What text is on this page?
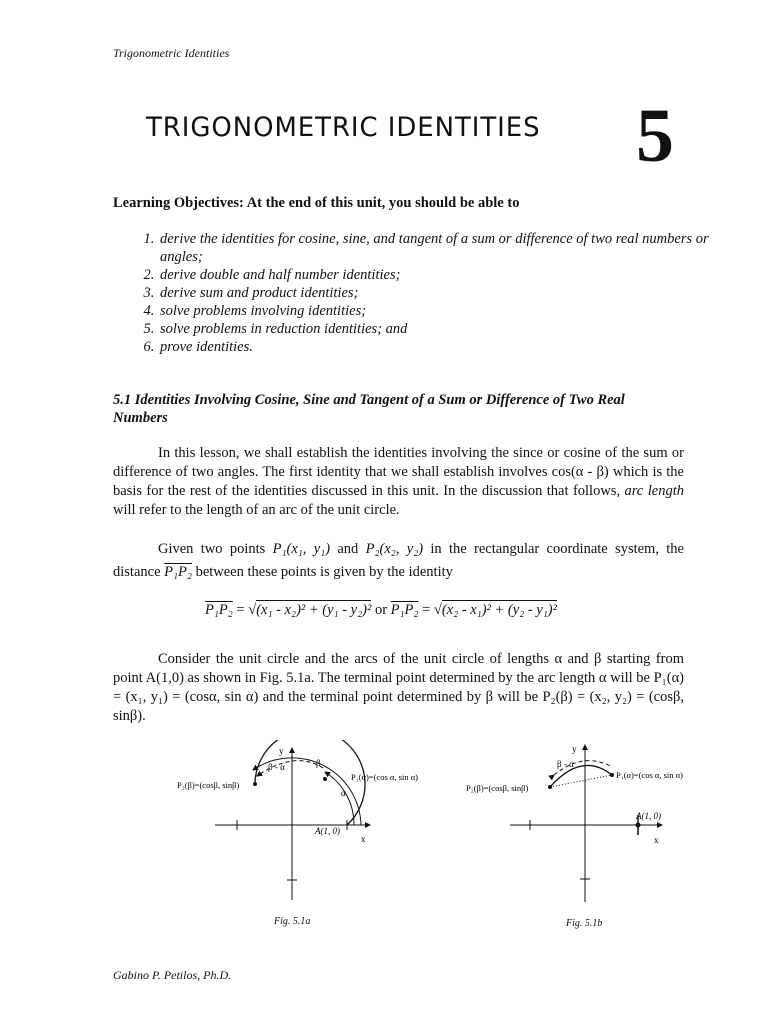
Trigonometric Identities
TRIGONOMETRIC IDENTITIES 5
Learning Objectives: At the end of this unit, you should be able to
1. derive the identities for cosine, sine, and tangent of a sum or difference of two real numbers or angles;
2. derive double and half number identities;
3. derive sum and product identities;
4. solve problems involving identities;
5. solve problems in reduction identities; and
6. prove identities.
5.1 Identities Involving Cosine, Sine and Tangent of a Sum or Difference of Two Real Numbers
In this lesson, we shall establish the identities involving the since or cosine of the sum or difference of two angles. The first identity that we shall establish involves cos(α - β) which is the basis for the rest of the identities discussed in this unit. In the discussion that follows, arc length will refer to the length of an arc of the unit circle.
Given two points P₁(x₁, y₁) and P₂(x₂, y₂) in the rectangular coordinate system, the distance P₁P₂ between these points is given by the identity
P₁P₂ = √(x₁ - x₂)² + (y₁ - y₂)² or P₁P₂ = √(x₂ - x₁)² + (y₂ - y₁)²
Consider the unit circle and the arcs of the unit circle of lengths α and β starting from point A(1,0) as shown in Fig. 5.1a. The terminal point determined by the arc length α will be P₁(α) = (x₁, y₁) = (cosα, sin α) and the terminal point determined by β will be P₂(β) = (x₂, y₂) = (cosβ, sinβ).
y
x
A(1, 0)
P₁(α)=(cos α, sin α)
P₂(β)=(cosβ, sinβ)
β - α	β
α
Fig. 5.1a
y
x
A(1, 0)
P₁(α)=(cos α, sin α)
P₂(β)=(cosβ, sinβ)
β - α
Fig. 5.1b
Gabino P. Petilos, Ph.D.
